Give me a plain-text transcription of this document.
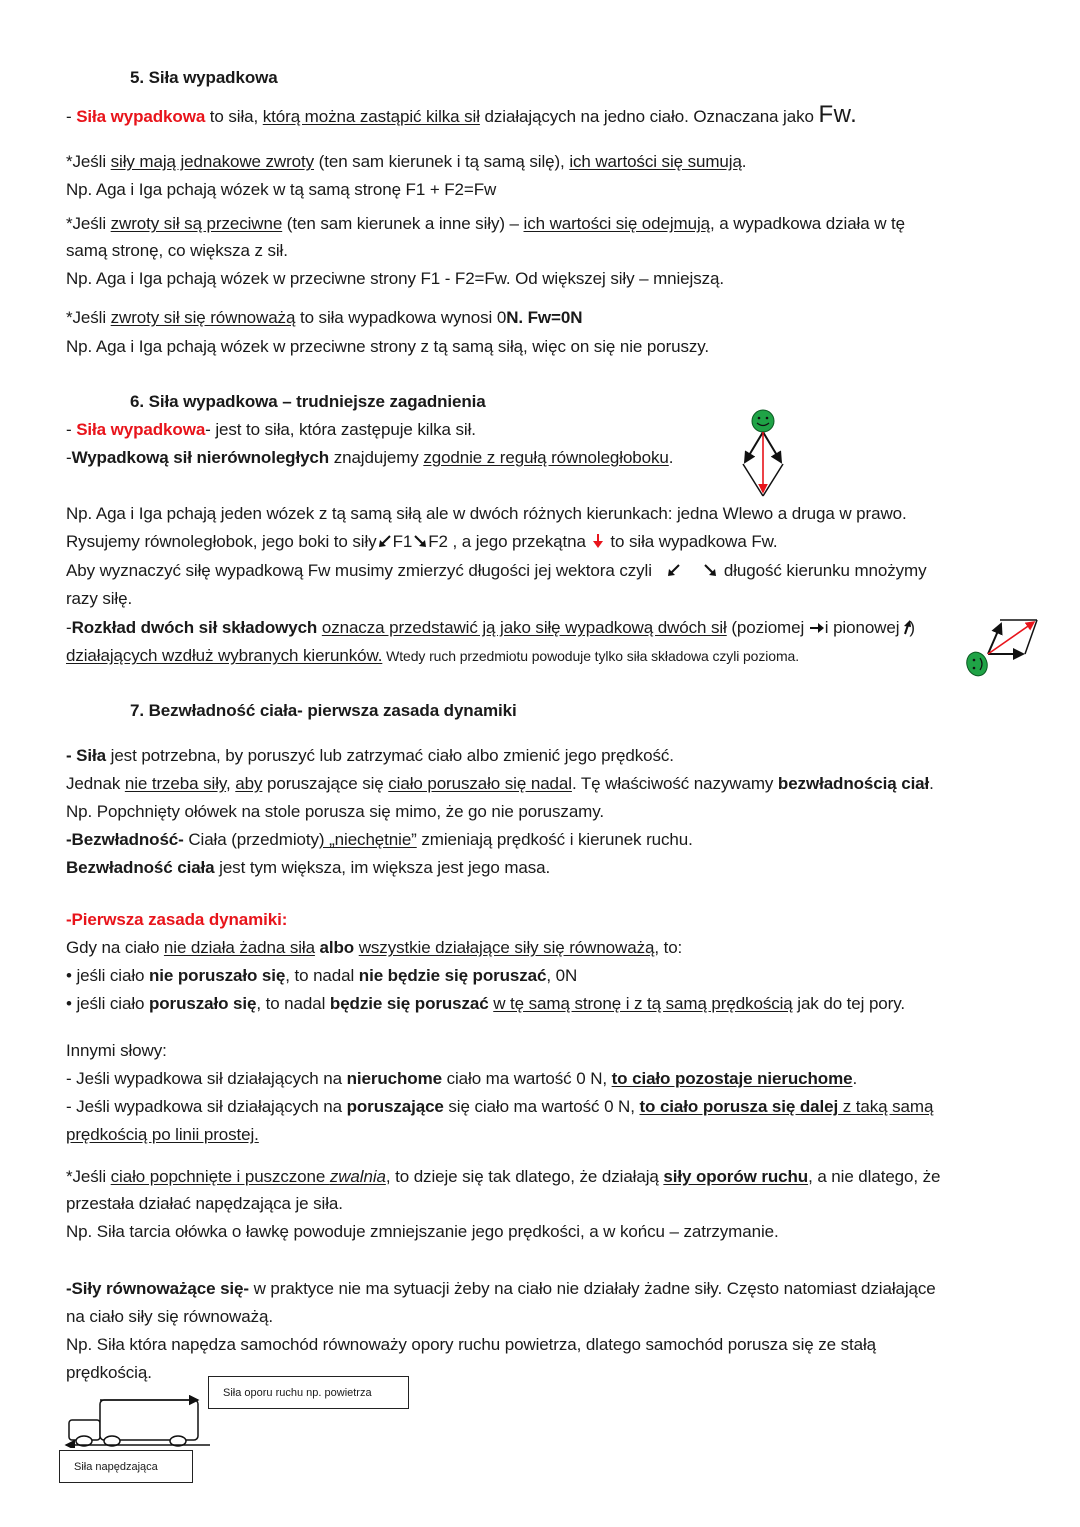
5. Siła wypadkowa
- Siła wypadkowa to siła, którą można zastąpić kilka sił działających na jedno ciało. Oznaczana jako Fw.
*Jeśli siły mają jednakowe zwroty (ten sam kierunek i tą samą silę), ich wartości się sumują.
Np. Aga i Iga pchają wózek w tą samą stronę F1 + F2=Fw
*Jeśli zwroty sił są przeciwne (ten sam kierunek a inne siły) – ich wartości się odejmują, a wypadkowa działa w tę
samą stronę, co większa z sił.
Np. Aga i Iga pchają wózek w przeciwne strony F1 - F2=Fw. Od większej siły – mniejszą.
*Jeśli zwroty sił się równoważą to siła wypadkowa wynosi 0N. Fw=0N
Np. Aga i Iga pchają wózek w przeciwne strony z tą samą siłą, więc on się nie poruszy.
6. Siła wypadkowa – trudniejsze zagadnienia
- Siła wypadkowa- jest to siła, która zastępuje kilka sił.
-Wypadkową sił nierównoległych znajdujemy zgodnie z regułą równoległoboku.
Np. Aga i Iga pchają jeden wózek z tą samą siłą ale w dwóch różnych kierunkach: jedna Wlewo a druga w prawo.
Rysujemy równoległobok, jego boki to siły F1 F2 , a jego przekątna
to siła wypadkowa Fw.
Aby wyznaczyć siłę wypadkową Fw musimy zmierzyć długości jej wektora czyli	długość kierunku mnożymy
razy siłę.
-Rozkład dwóch sił składowych oznacza przedstawić ją jako siłę wypadkową dwóch sił (poziomej
i pionowej )
działających wzdłuż wybranych kierunków. Wtedy ruch przedmiotu powoduje tylko siła składowa czyli pozioma.
7. Bezwładność ciała- pierwsza zasada dynamiki
- Siła jest potrzebna, by poruszyć lub zatrzymać ciało albo zmienić jego prędkość.
Jednak nie trzeba siły, aby poruszające się ciało poruszało się nadal. Tę właściwość nazywamy bezwładnością ciał.
Np. Popchnięty ołówek na stole porusza się mimo, że go nie poruszamy.
-Bezwładność- Ciała (przedmioty) „niechętnie” zmieniają prędkość i kierunek ruchu.
Bezwładność ciała jest tym większa, im większa jest jego masa.
-Pierwsza zasada dynamiki:
Gdy na ciało nie działa żadna siła albo wszystkie działające siły się równoważą, to:
• jeśli ciało nie poruszało się, to nadal nie będzie się poruszać, 0N
• jeśli ciało poruszało się, to nadal będzie się poruszać w tę samą stronę i z tą samą prędkością jak do tej pory.
Innymi słowy:
- Jeśli wypadkowa sił działających na nieruchome ciało ma wartość 0 N, to ciało pozostaje nieruchome.
- Jeśli wypadkowa sił działających na poruszające się ciało ma wartość 0 N, to ciało porusza się dalej z taką samą
prędkością po linii prostej.
*Jeśli ciało popchnięte i puszczone zwalnia, to dzieje się tak dlatego, że działają siły oporów ruchu, a nie dlatego, że
przestała działać napędzająca je siła.
Np. Siła tarcia ołówka o ławkę powoduje zmniejszanie jego prędkości, a w końcu – zatrzymanie.
-Siły równoważące się- w praktyce nie ma sytuacji żeby na ciało nie działały żadne siły. Często natomiast działające
na ciało siły się równoważą.
Np. Siła która napędza samochód równoważy opory ruchu powietrza, dlatego samochód porusza się ze stałą
prędkością.
Siła oporu ruchu np. powietrza
Siła napędzająca
